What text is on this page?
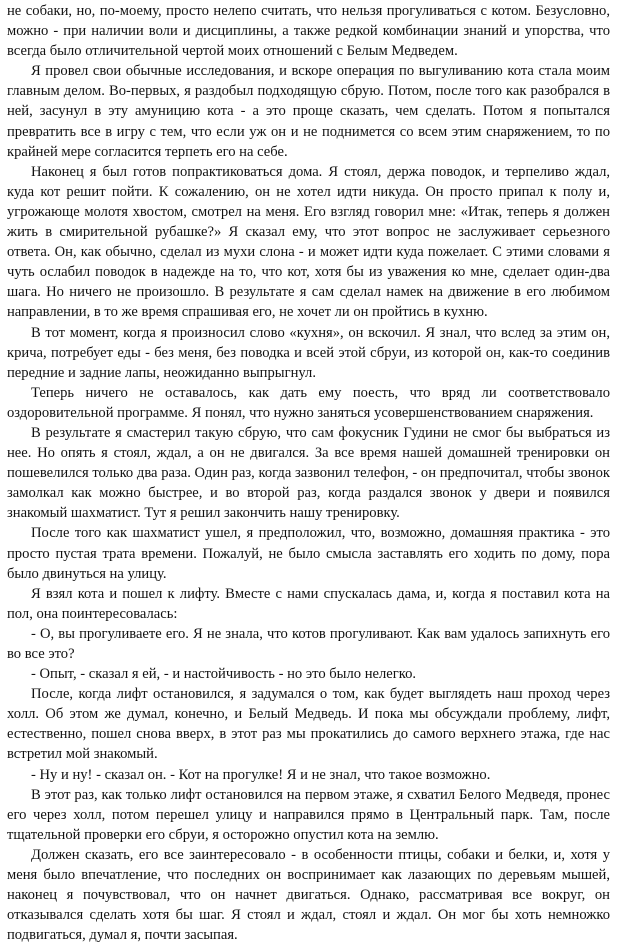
не собаки, но, по-моему, просто нелепо считать, что нельзя прогуливаться с котом. Безусловно, можно - при наличии воли и дисциплины, а также редкой комбинации знаний и упорства, что всегда было отличительной чертой моих отношений с Белым Медведем.

Я провел свои обычные исследования, и вскоре операция по выгуливанию кота стала моим главным делом. Во-первых, я раздобыл подходящую сбрую. Потом, после того как разобрался в ней, засунул в эту амуницию кота - а это проще сказать, чем сделать. Потом я попытался превратить все в игру с тем, что если уж он и не поднимется со всем этим снаряжением, то по крайней мере согласится терпеть его на себе.

Наконец я был готов попрактиковаться дома. Я стоял, держа поводок, и терпеливо ждал, куда кот решит пойти. К сожалению, он не хотел идти никуда. Он просто припал к полу и, угрожающе молотя хвостом, смотрел на меня. Его взгляд говорил мне: «Итак, теперь я должен жить в смирительной рубашке?» Я сказал ему, что этот вопрос не заслуживает серьезного ответа. Он, как обычно, сделал из мухи слона - и может идти куда пожелает. С этими словами я чуть ослабил поводок в надежде на то, что кот, хотя бы из уважения ко мне, сделает один-два шага. Но ничего не произошло. В результате я сам сделал намек на движение в его любимом направлении, в то же время спрашивая его, не хочет ли он пройтись в кухню.

В тот момент, когда я произносил слово «кухня», он вскочил. Я знал, что вслед за этим он, крича, потребует еды - без меня, без поводка и всей этой сбруи, из которой он, как-то соединив передние и задние лапы, неожиданно выпрыгнул.

Теперь ничего не оставалось, как дать ему поесть, что вряд ли соответствовало оздоровительной программе. Я понял, что нужно заняться усовершенствованием снаряжения.

В результате я смастерил такую сбрую, что сам фокусник Гудини не смог бы выбраться из нее. Но опять я стоял, ждал, а он не двигался. За все время нашей домашней тренировки он пошевелился только два раза. Один раз, когда зазвонил телефон, - он предпочитал, чтобы звонок замолкал как можно быстрее, и во второй раз, когда раздался звонок у двери и появился знакомый шахматист. Тут я решил закончить нашу тренировку.

После того как шахматист ушел, я предположил, что, возможно, домашняя практика - это просто пустая трата времени. Пожалуй, не было смысла заставлять его ходить по дому, пора было двинуться на улицу.

Я взял кота и пошел к лифту. Вместе с нами спускалась дама, и, когда я поставил кота на пол, она поинтересовалась:

- О, вы прогуливаете его. Я не знала, что котов прогуливают. Как вам удалось запихнуть его во все это?

- Опыт, - сказал я ей, - и настойчивость - но это было нелегко.

После, когда лифт остановился, я задумался о том, как будет выглядеть наш проход через холл. Об этом же думал, конечно, и Белый Медведь. И пока мы обсуждали проблему, лифт, естественно, пошел снова вверх, в этот раз мы прокатились до самого верхнего этажа, где нас встретил мой знакомый.

- Ну и ну! - сказал он. - Кот на прогулке! Я и не знал, что такое возможно.

В этот раз, как только лифт остановился на первом этаже, я схватил Белого Медведя, пронес его через холл, потом перешел улицу и направился прямо в Центральный парк. Там, после тщательной проверки его сбруи, я осторожно опустил кота на землю.

Должен сказать, его все заинтересовало - в особенности птицы, собаки и белки, и, хотя у меня было впечатление, что последних он воспринимает как лазающих по деревьям мышей, наконец я почувствовал, что он начнет двигаться. Однако, рассматривая все вокруг, он отказывался сделать хотя бы шаг. Я стоял и ждал, стоял и ждал. Он мог бы хоть немножко подвигаться, думал я, почти засыпая.
